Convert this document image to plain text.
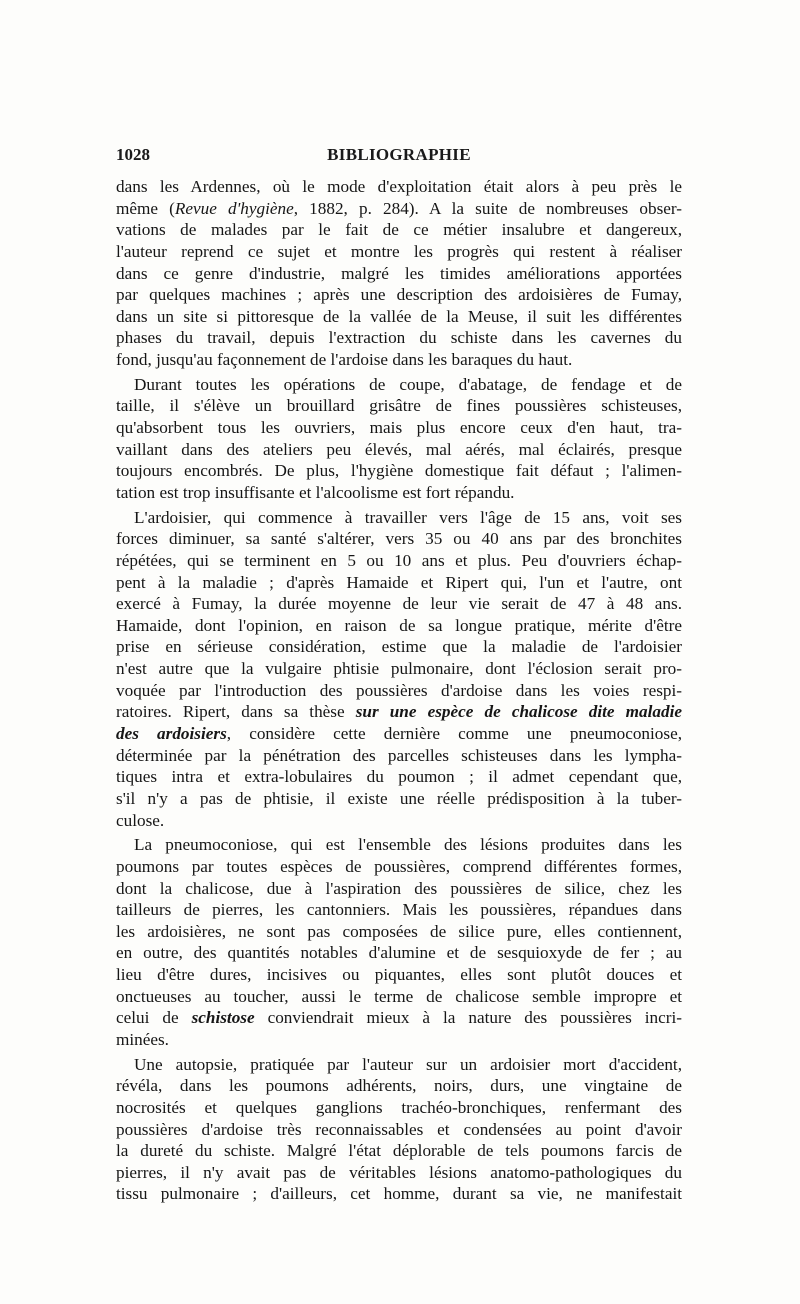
1028	BIBLIOGRAPHIE
dans les Ardennes, où le mode d'exploitation était alors à peu près le
même (Revue d'hygiène, 1882, p. 284). A la suite de nombreuses obser-
vations de malades par le fait de ce métier insalubre et dangereux,
l'auteur reprend ce sujet et montre les progrès qui restent à réaliser
dans ce genre d'industrie, malgré les timides améliorations apportées
par quelques machines ; après une description des ardoisières de Fumay,
dans un site si pittoresque de la vallée de la Meuse, il suit les différentes
phases du travail, depuis l'extraction du schiste dans les cavernes du
fond, jusqu'au façonnement de l'ardoise dans les baraques du haut.
Durant toutes les opérations de coupe, d'abatage, de fendage et de
taille, il s'élève un brouillard grisâtre de fines poussières schisteuses,
qu'absorbent tous les ouvriers, mais plus encore ceux d'en haut, tra-
vaillant dans des ateliers peu élevés, mal aérés, mal éclairés, presque
toujours encombrés. De plus, l'hygiène domestique fait défaut ; l'alimen-
tation est trop insuffisante et l'alcoolisme est fort répandu.
L'ardoisier, qui commence à travailler vers l'âge de 15 ans, voit ses
forces diminuer, sa santé s'altérer, vers 35 ou 40 ans par des bronchites
répétées, qui se terminent en 5 ou 10 ans et plus. Peu d'ouvriers échap-
pent à la maladie ; d'après Hamaide et Ripert qui, l'un et l'autre, ont
exercé à Fumay, la durée moyenne de leur vie serait de 47 à 48 ans.
Hamaide, dont l'opinion, en raison de sa longue pratique, mérite d'être
prise en sérieuse considération, estime que la maladie de l'ardoisier
n'est autre que la vulgaire phtisie pulmonaire, dont l'éclosion serait pro-
voquée par l'introduction des poussières d'ardoise dans les voies respi-
ratoires. Ripert, dans sa thèse sur une espèce de chalicose dite maladie
des ardoisiers, considère cette dernière comme une pneumoconiose,
déterminée par la pénétration des parcelles schisteuses dans les lympha-
tiques intra et extra-lobulaires du poumon ; il admet cependant que,
s'il n'y a pas de phtisie, il existe une réelle prédisposition à la tuber-
culose.
La pneumoconiose, qui est l'ensemble des lésions produites dans les
poumons par toutes espèces de poussières, comprend différentes formes,
dont la chalicose, due à l'aspiration des poussières de silice, chez les
tailleurs de pierres, les cantonniers. Mais les poussières, répandues dans
les ardoisières, ne sont pas composées de silice pure, elles contiennent,
en outre, des quantités notables d'alumine et de sesquioxyde de fer ; au
lieu d'être dures, incisives ou piquantes, elles sont plutôt douces et
onctueuses au toucher, aussi le terme de chalicose semble impropre et
celui de schistose conviendrait mieux à la nature des poussières incri-
minées.
Une autopsie, pratiquée par l'auteur sur un ardoisier mort d'accident,
révéla, dans les poumons adhérents, noirs, durs, une vingtaine de
nocrosités et quelques ganglions trachéo-bronchiques, renfermant des
poussières d'ardoise très reconnaissables et condensées au point d'avoir
la dureté du schiste. Malgré l'état déplorable de tels poumons farcis de
pierres, il n'y avait pas de véritables lésions anatomo-pathologiques du
tissu pulmonaire ; d'ailleurs, cet homme, durant sa vie, ne manifestait
